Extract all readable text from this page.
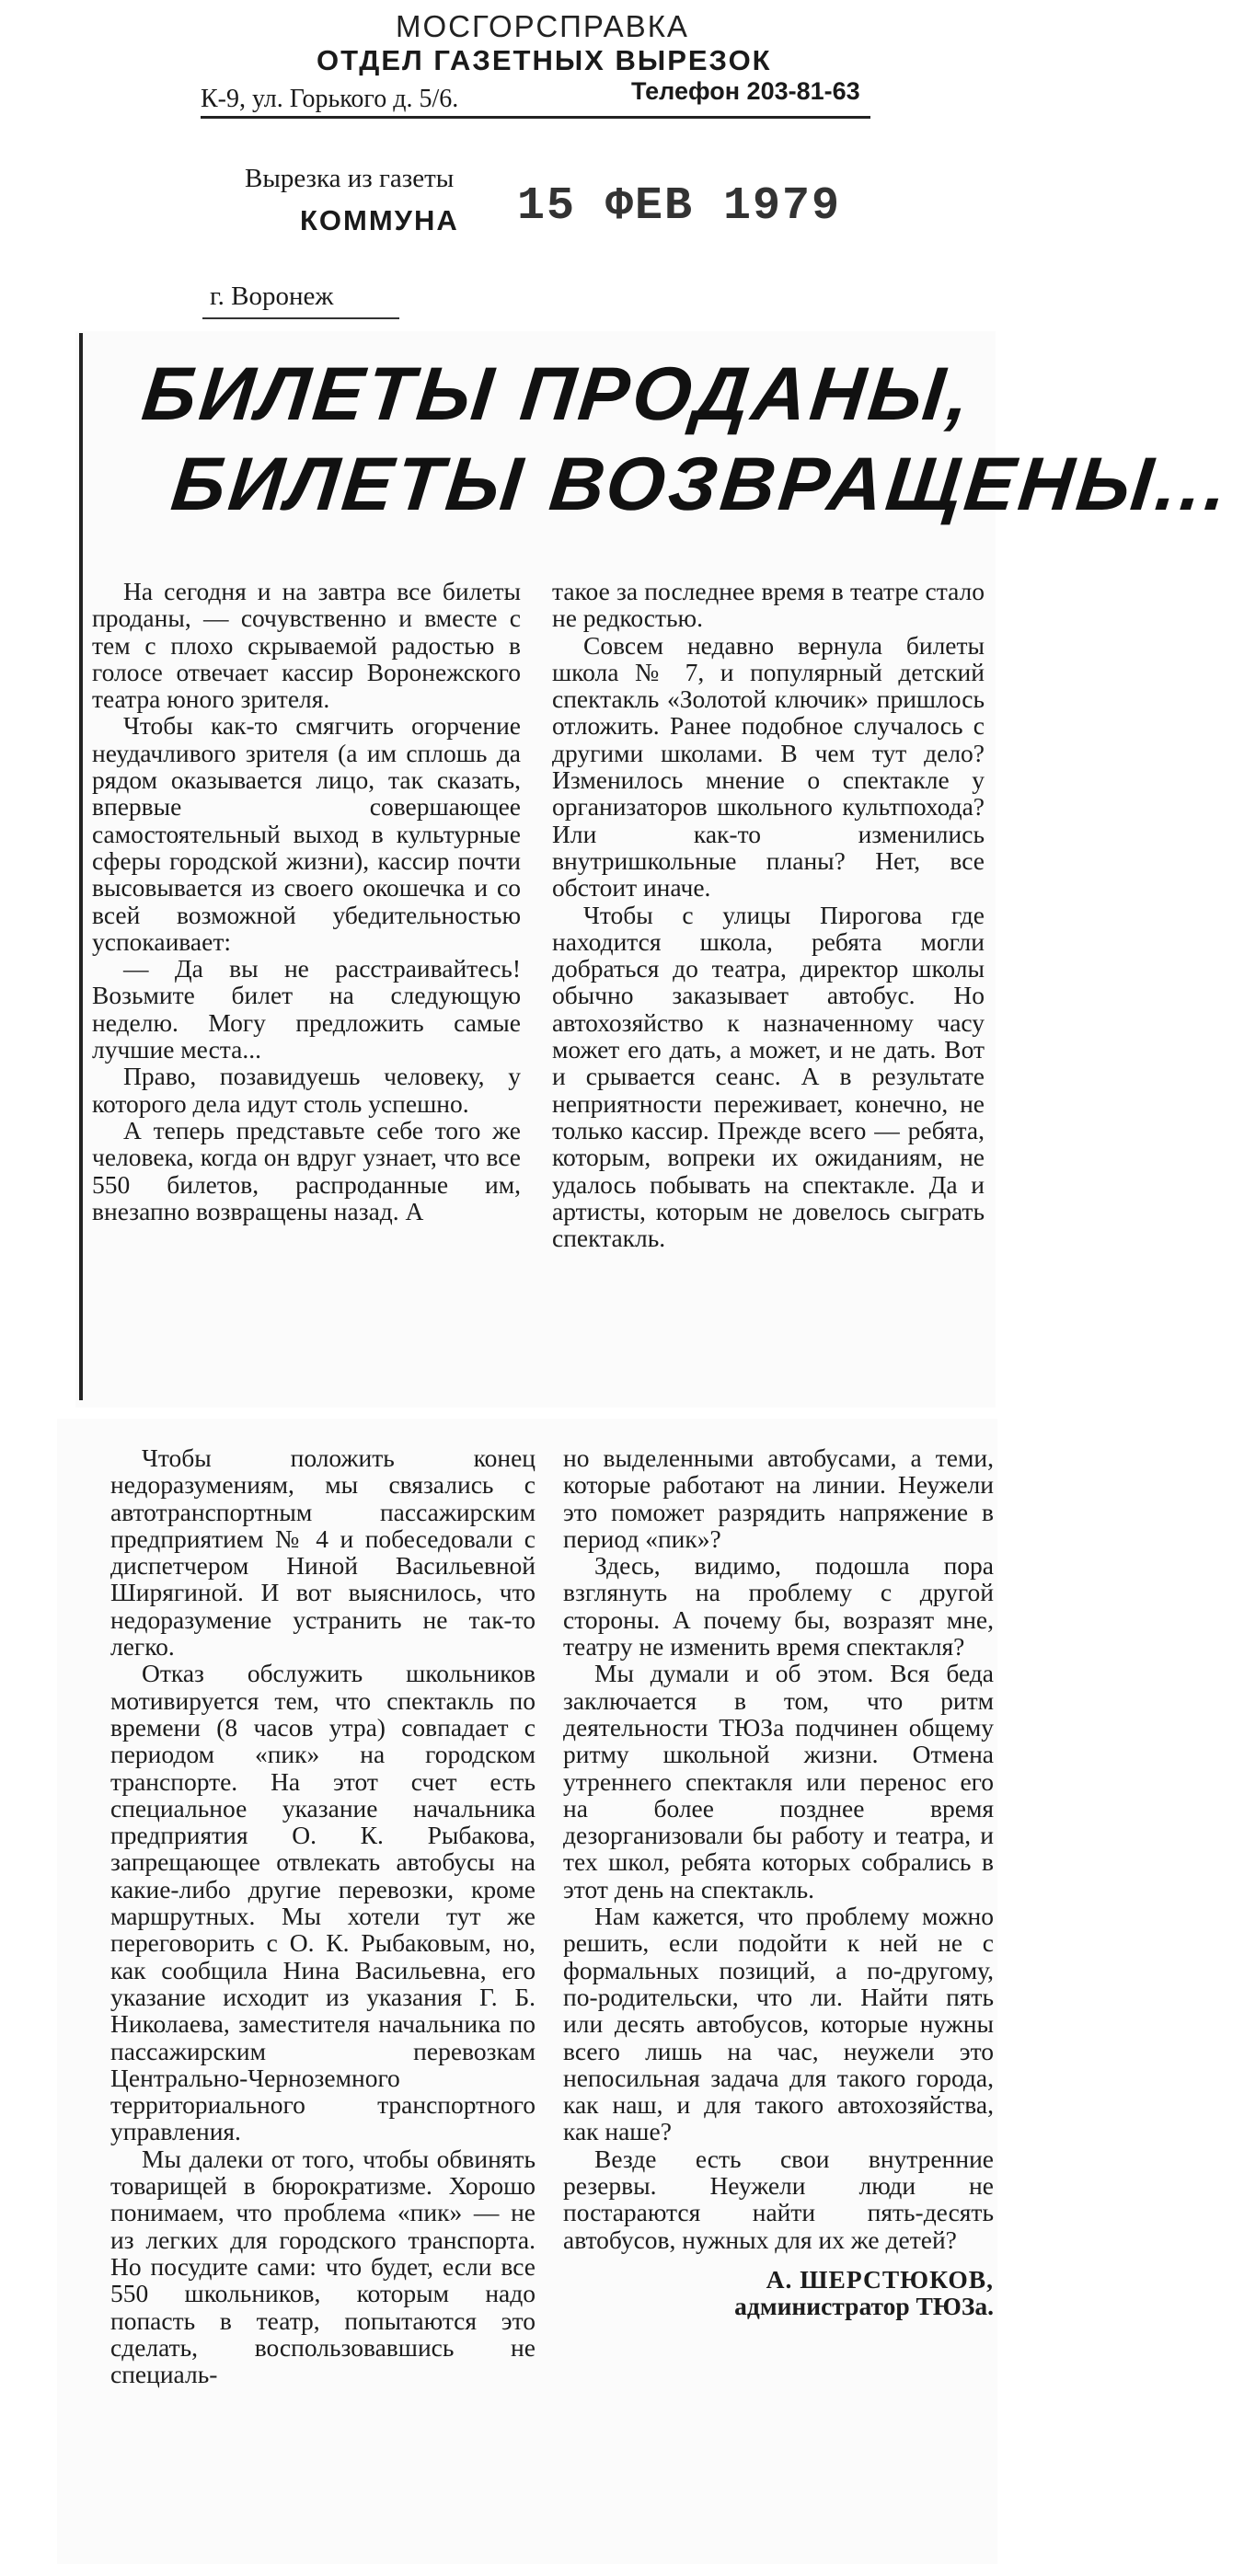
МОСГОРСПРАВКА
ОТДЕЛ ГАЗЕТНЫХ ВЫРЕЗОК
К-9, ул. Горького д. 5/6.	Телефон 203-81-63
Вырезка из газеты
КОММУНА 15 ФЕВ 1979
г. Воронеж
БИЛЕТЫ ПРОДАНЫ,
БИЛЕТЫ ВОЗВРАЩЕНЫ...

На сегодня и на завтра все билеты проданы, — сочувственно и вместе с тем с плохо скрываемой радостью в голосе отвечает кассир Воронежского театра юного зрителя.

Чтобы как-то смягчить огорчение неудачливого зрителя (а им сплошь да рядом оказывается лицо, так сказать, впервые совершающее самостоятельный выход в культурные сферы городской жизни), кассир почти высовывается из своего окошечка и со всей возможной убедительностью успокаивает:

— Да вы не расстраивайтесь! Возьмите билет на следующую неделю. Могу предложить самые лучшие места...

Право, позавидуешь человеку, у которого дела идут столь успешно.

А теперь представьте себе того же человека, когда он вдруг узнает, что все 550 билетов, распроданные им, внезапно возвращены назад. А

такое за последнее время в театре стало не редкостью.

Совсем недавно вернула билеты школа № 7, и популярный детский спектакль «Золотой ключик» пришлось отложить. Ранее подобное случалось с другими школами. В чем тут дело? Изменилось мнение о спектакле у организаторов школьного культпохода? Или как-то изменились внутришкольные планы? Нет, все обстоит иначе.

Чтобы с улицы Пирогова где находится школа, ребята могли добраться до театра, директор школы обычно заказывает автобус. Но автохозяйство к назначенному часу может его дать, а может, и не дать. Вот и срывается сеанс. А в результате неприятности переживает, конечно, не только кассир. Прежде всего — ребята, которым, вопреки их ожиданиям, не удалось побывать на спектакле. Да и артисты, которым не довелось сыграть спектакль.

Чтобы положить конец недоразумениям, мы связались с автотранспортным пассажирским предприятием № 4 и побеседовали с диспетчером Ниной Васильевной Ширягиной. И вот выяснилось, что недоразумение устранить не так-то легко.

Отказ обслужить школьников мотивируется тем, что спектакль по времени (8 часов утра) совпадает с периодом «пик» на городском транспорте. На этот счет есть специальное указание начальника предприятия О. К. Рыбакова, запрещающее отвлекать автобусы на какие-либо другие перевозки, кроме маршрутных. Мы хотели тут же переговорить с О. К. Рыбаковым, но, как сообщила Нина Васильевна, его указание исходит из указания Г. Б. Николаева, заместителя начальника по пассажирским перевозкам Центрально-Черноземного территориального транспортного управления.

Мы далеки от того, чтобы обвинять товарищей в бюрократизме. Хорошо понимаем, что проблема «пик» — не из легких для городского транспорта. Но посудите сами: что будет, если все 550 школьников, которым надо попасть в театр, попытаются это сделать, воспользовавшись не специаль-

но выделенными автобусами, а теми, которые работают на линии. Неужели это поможет разрядить напряжение в период «пик»?

Здесь, видимо, подошла пора взглянуть на проблему с другой стороны. А почему бы, возразят мне, театру не изменить время спектакля?

Мы думали и об этом. Вся беда заключается в том, что ритм деятельности ТЮЗа подчинен общему ритму школьной жизни. Отмена утреннего спектакля или перенос его на более позднее время дезорганизовали бы работу и театра, и тех школ, ребята которых собрались в этот день на спектакль.

Нам кажется, что проблему можно решить, если подойти к ней не с формальных позиций, а по-другому, по-родительски, что ли. Найти пять или десять автобусов, которые нужны всего лишь на час, неужели это непосильная задача для такого города, как наш, и для такого автохозяйства, как наше?

Везде есть свои внутренние резервы. Неужели люди не постараются найти пять-десять автобусов, нужных для их же детей?

А. ШЕРСТЮКОВ,

администратор ТЮЗа.
